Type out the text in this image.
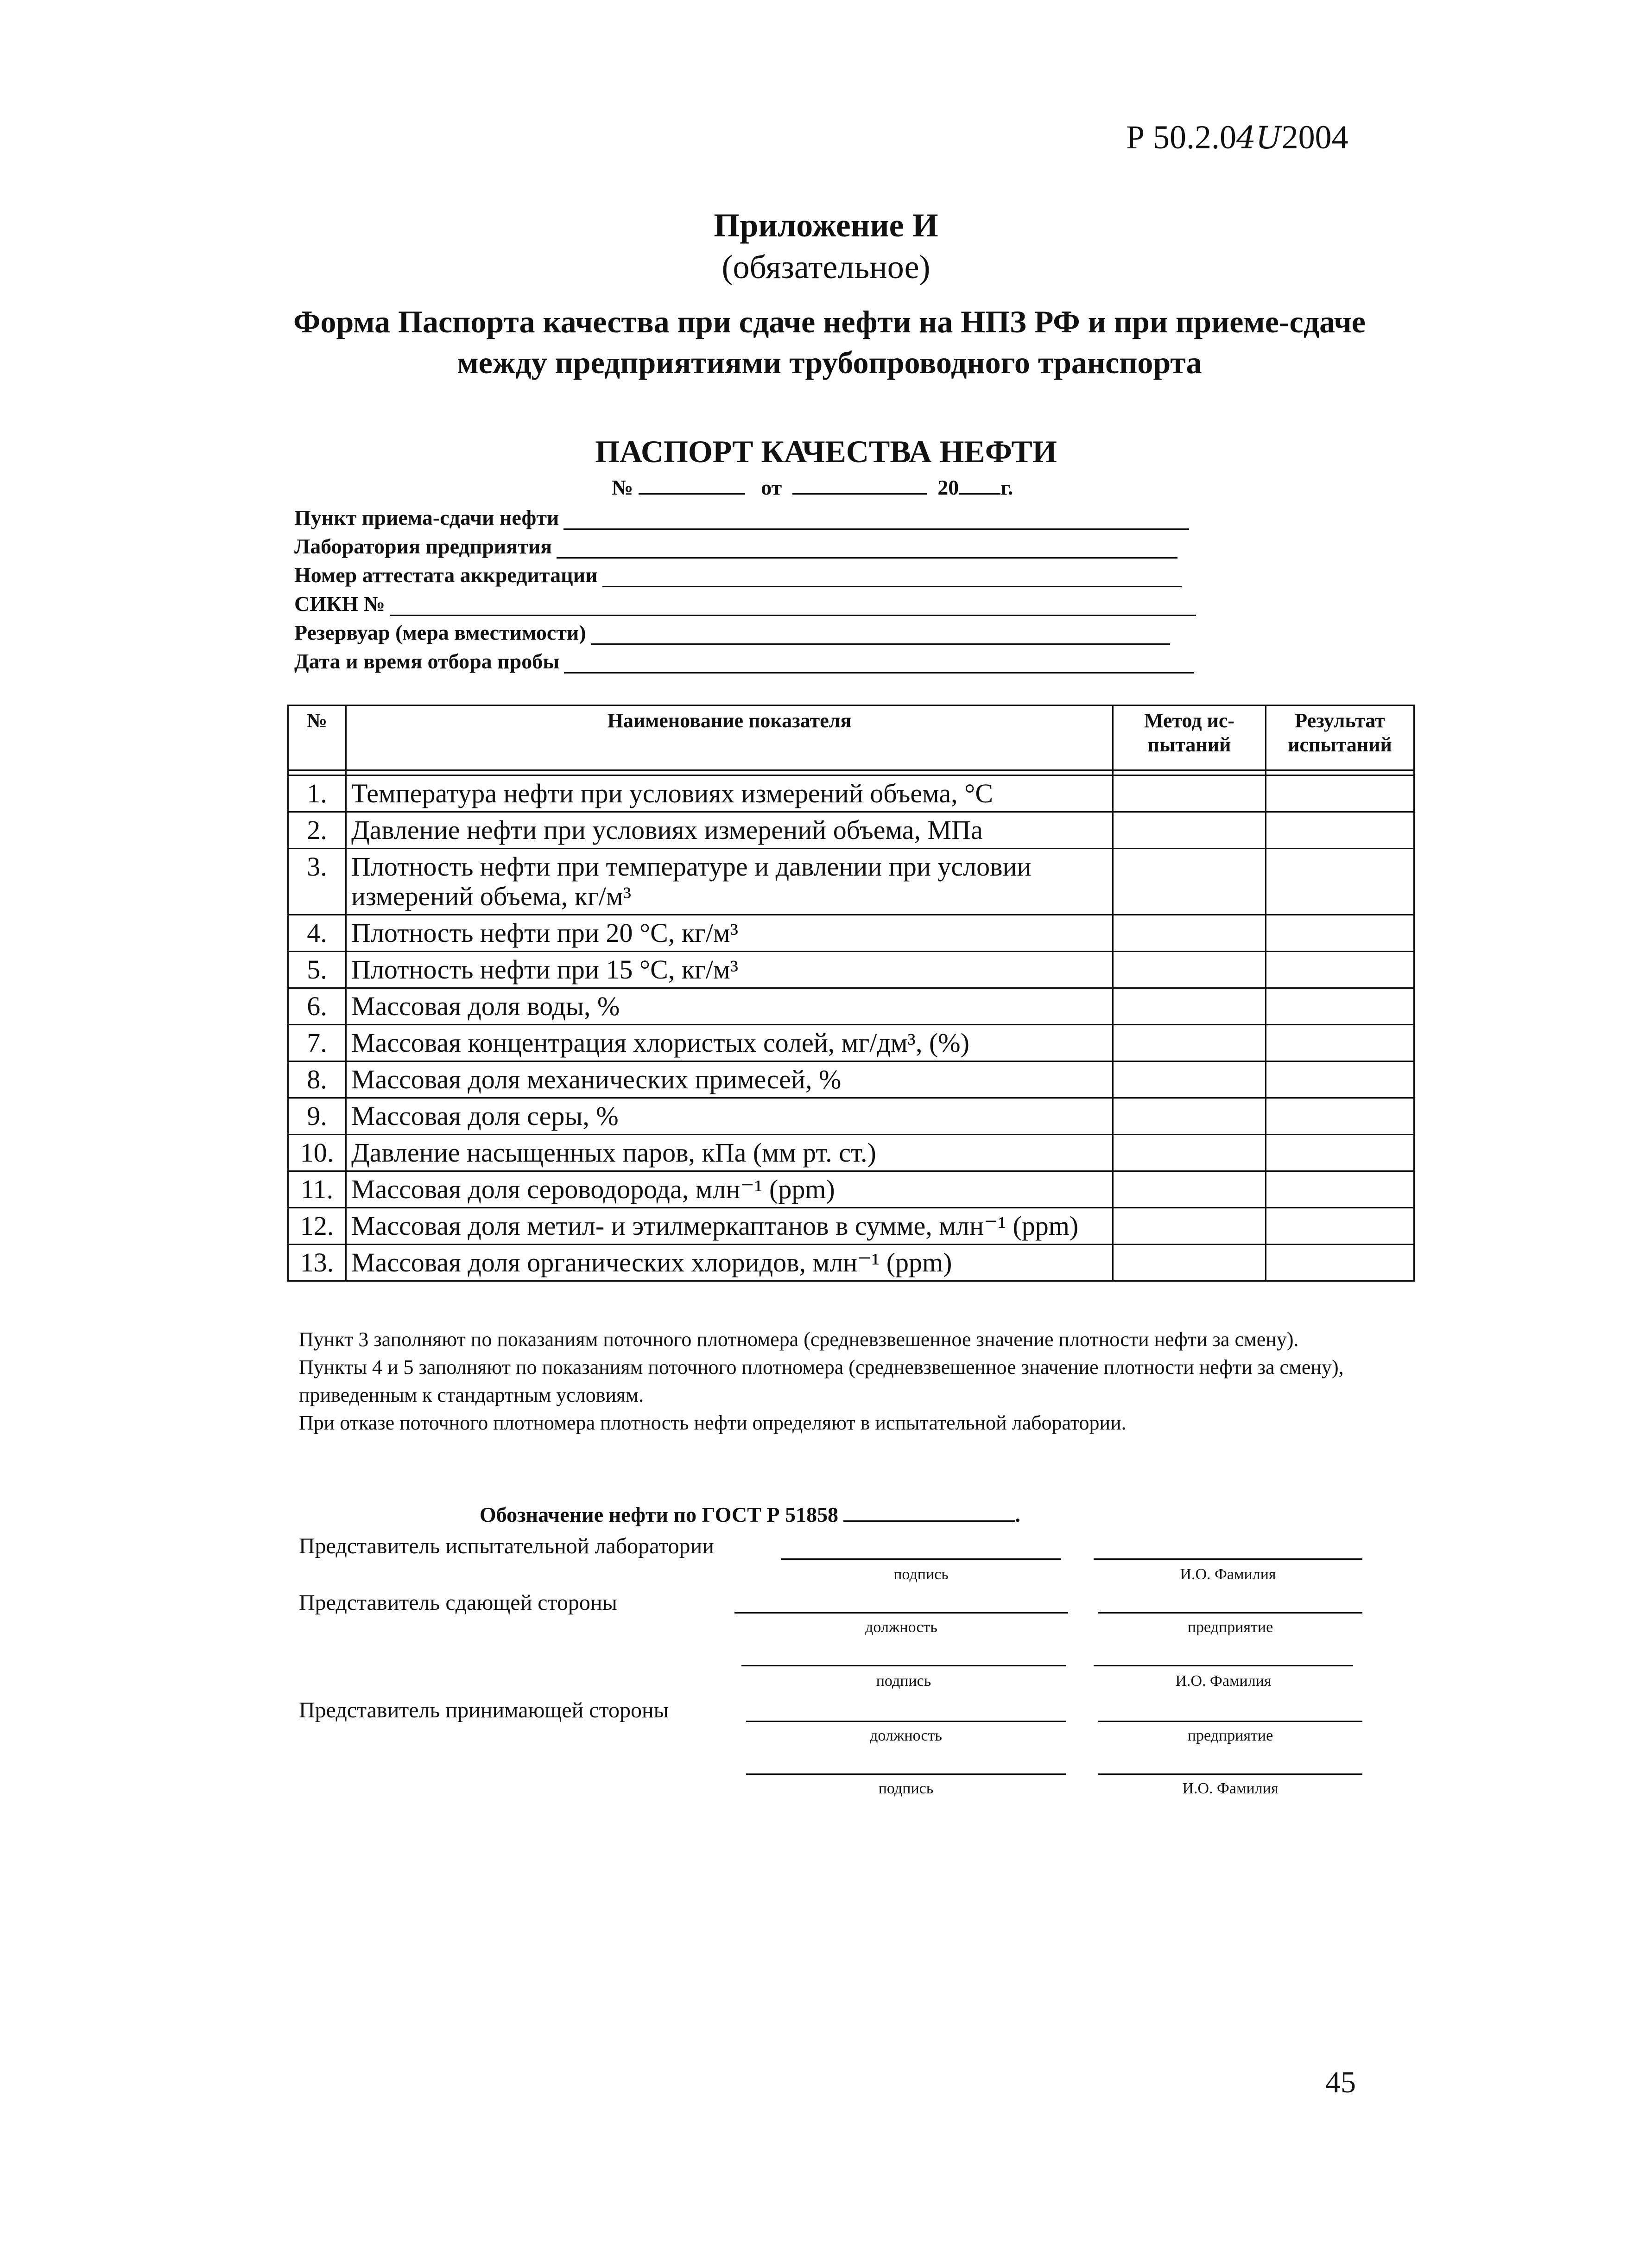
Р 50.2.04U2004
Приложение И
(обязательное)
Форма Паспорта качества при сдаче нефти на НПЗ РФ и при приеме-сдаче между предприятиями трубопроводного транспорта
ПАСПОРТ КАЧЕСТВА НЕФТИ
№	от	20 г.
Пункт приема-сдачи нефти
Лаборатория предприятия
Номер аттестата аккредитации
СИКН №
Резервуар (мера вместимости)
Дата и время отбора пробы
№	Наименование показателя	Метод ис-пытаний	Результат испытаний

1.	Температура нефти при условиях измерений объема, °С		
2.	Давление нефти при условиях измерений объема, МПа		
3.	Плотность нефти при температуре и давлении при условии измерений объема, кг/м³		
4.	Плотность нефти при 20 °С, кг/м³		
5.	Плотность нефти при 15 °С, кг/м³		
6.	Массовая доля воды, %		
7.	Массовая концентрация хлористых солей, мг/дм³, (%)		
8.	Массовая доля механических примесей, %		
9.	Массовая доля серы, %		
10.	Давление насыщенных паров, кПа (мм рт. ст.)		
11.	Массовая доля сероводорода, млн⁻¹ (ppm)		
12.	Массовая доля метил- и этилмеркаптанов в сумме, млн⁻¹ (ppm)		
13.	Массовая доля органических хлоридов, млн⁻¹ (ppm)		

Пункт 3 заполняют по показаниям поточного плотномера (средневзвешенное значение плотности нефти за смену).

Пункты 4 и 5 заполняют по показаниям поточного плотномера (средневзвешенное значение плотности нефти за смену), приведенным к стандартным условиям.

При отказе поточного плотномера плотность нефти определяют в испытательной лаборатории.

Обозначение нефти по ГОСТ Р 51858	.
Представитель испытательной лаборатории
подпись	И.О. Фамилия
Представитель сдающей стороны
должность	предприятие
подпись	И.О. Фамилия
Представитель принимающей стороны
должность	предприятие
подпись	И.О. Фамилия
45
